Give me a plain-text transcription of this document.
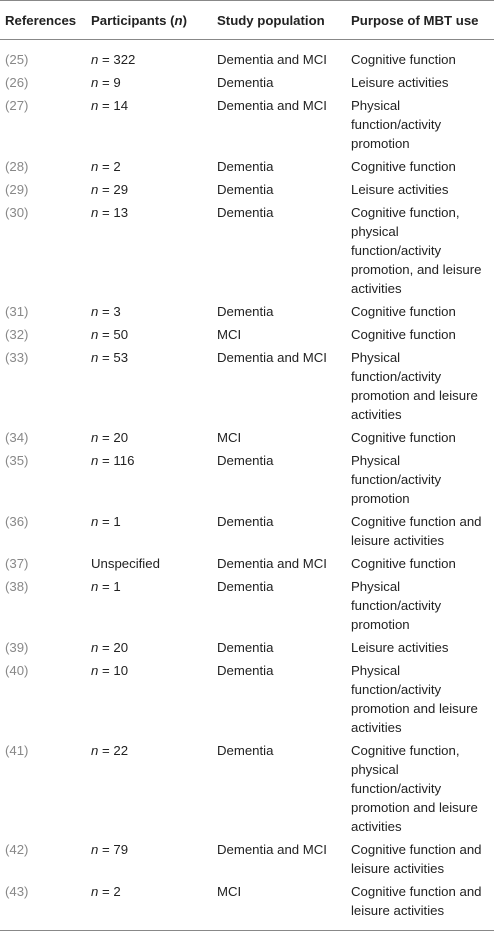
References	Participants (n)	Study population	Purpose of MBT use
(25)	n = 322	Dementia and MCI	Cognitive function

(26)	n = 9	Dementia	Leisure activities

(27)	n = 14	Dementia and MCI	Physical
function/activity
promotion

(28)	n = 2	Dementia	Cognitive function

(29)	n = 29	Dementia	Leisure activities

(30)	n = 13	Dementia	Cognitive function,
physical
function/activity
promotion, and leisure
activities

(31)	n = 3	Dementia	Cognitive function

(32)	n = 50	MCI	Cognitive function

(33)	n = 53	Dementia and MCI	Physical
function/activity
promotion and leisure
activities

(34)	n = 20	MCI	Cognitive function

(35)	n = 116	Dementia	Physical
function/activity
promotion

(36)	n = 1	Dementia	Cognitive function and
leisure activities

(37)	Unspecified	Dementia and MCI	Cognitive function

(38)	n = 1	Dementia	Physical
function/activity
promotion

(39)	n = 20	Dementia	Leisure activities

(40)	n = 10	Dementia	Physical
function/activity
promotion and leisure
activities

(41)	n = 22	Dementia	Cognitive function,
physical
function/activity
promotion and leisure
activities

(42)	n = 79	Dementia and MCI	Cognitive function and
leisure activities

(43)	n = 2	MCI	Cognitive function and
leisure activities
